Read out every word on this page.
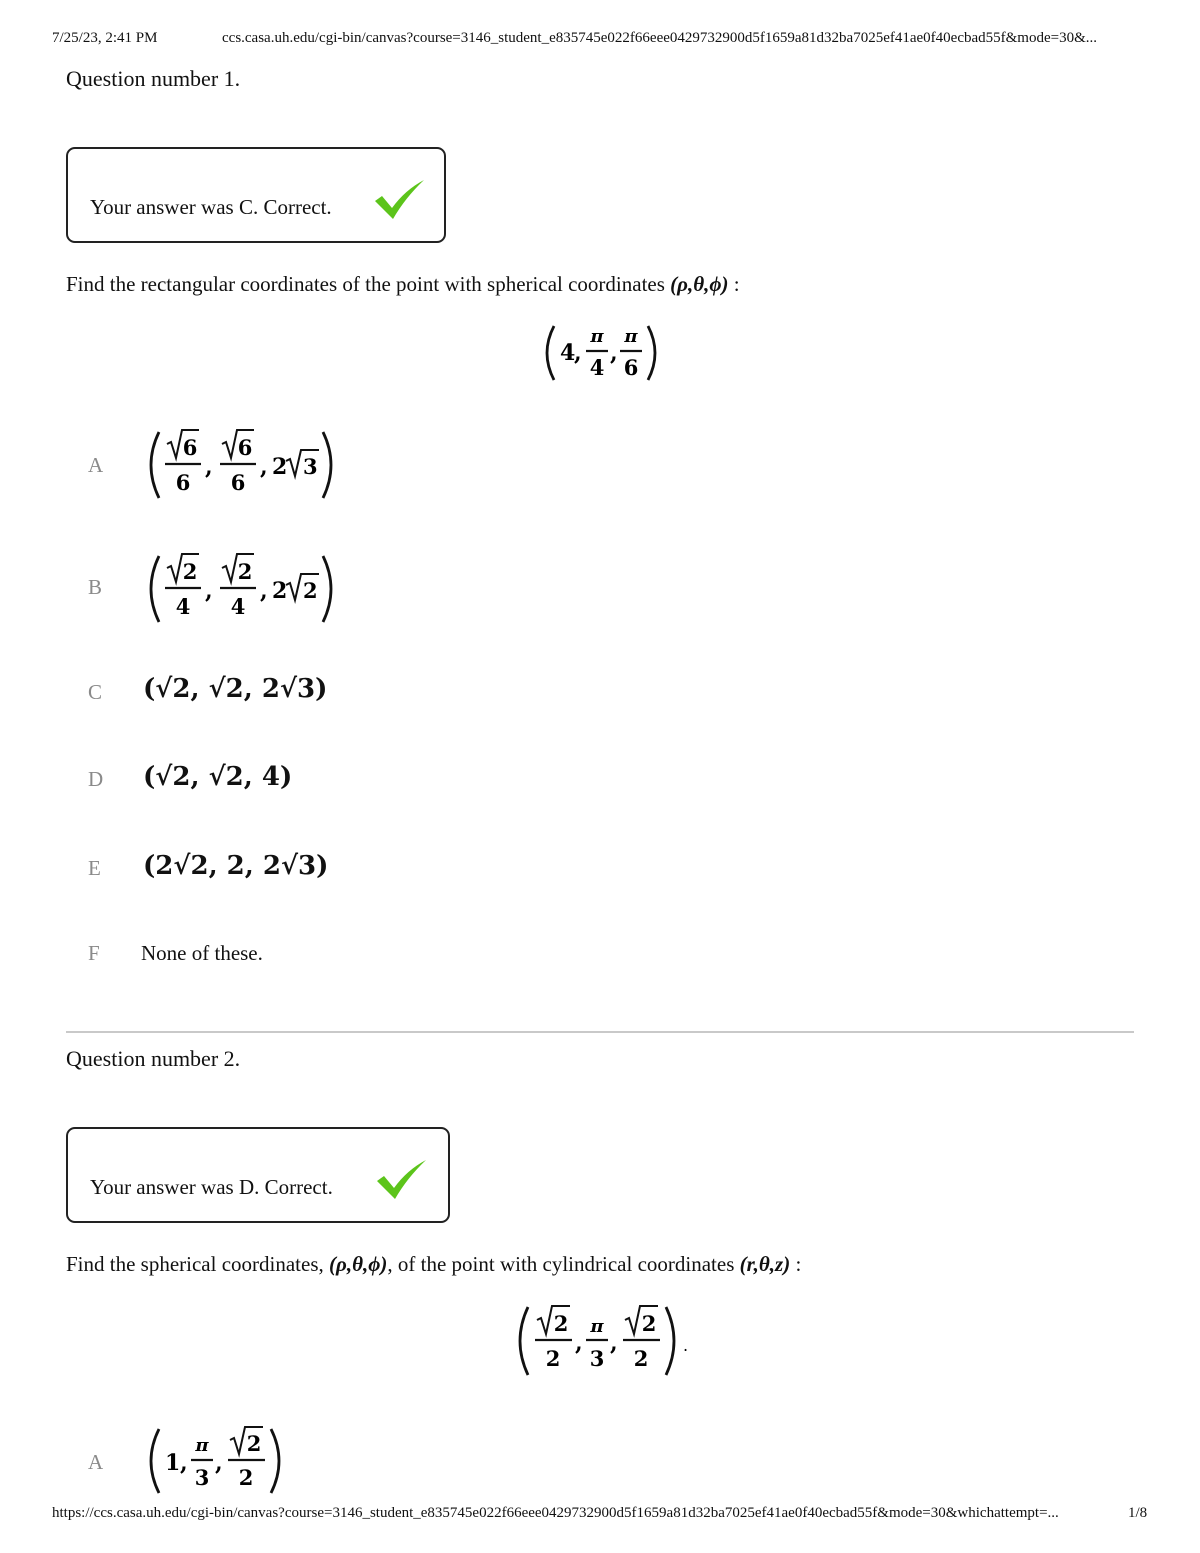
7/25/23, 2:41 PM	ccs.casa.uh.edu/cgi-bin/canvas?course=3146_student_e835745e022f66eee0429732900d5f1659a81d32ba7025ef41ae0f40ecbad55f&mode=30&...
https://ccs.casa.uh.edu/cgi-bin/canvas?course=3146_student_e835745e022f66eee0429732900d5f1659a81d32ba7025ef41ae0f40ecbad55f&mode=30&whichattempt=...	1/8
Question number 1.
Your answer was C. Correct.
Find the rectangular coordinates of the point with spherical coordinates (ρ,θ,ϕ) :
4
,
π
4
,
π
6
A
6
6
,
6
6
, 2 3
B
2
4
,
2
4
, 2 2
C (√2, √2, 2√3)
D (√2, √2, 4)
E (2√2, 2, 2√3)
F None of these.
Question number 2.
Your answer was D. Correct.
Find the spherical coordinates, (ρ,θ,ϕ), of the point with cylindrical coordinates (r,θ,z) :
2
2
,
π
3
,
2
2
.
A	1 ,
π
3
,
2
2
